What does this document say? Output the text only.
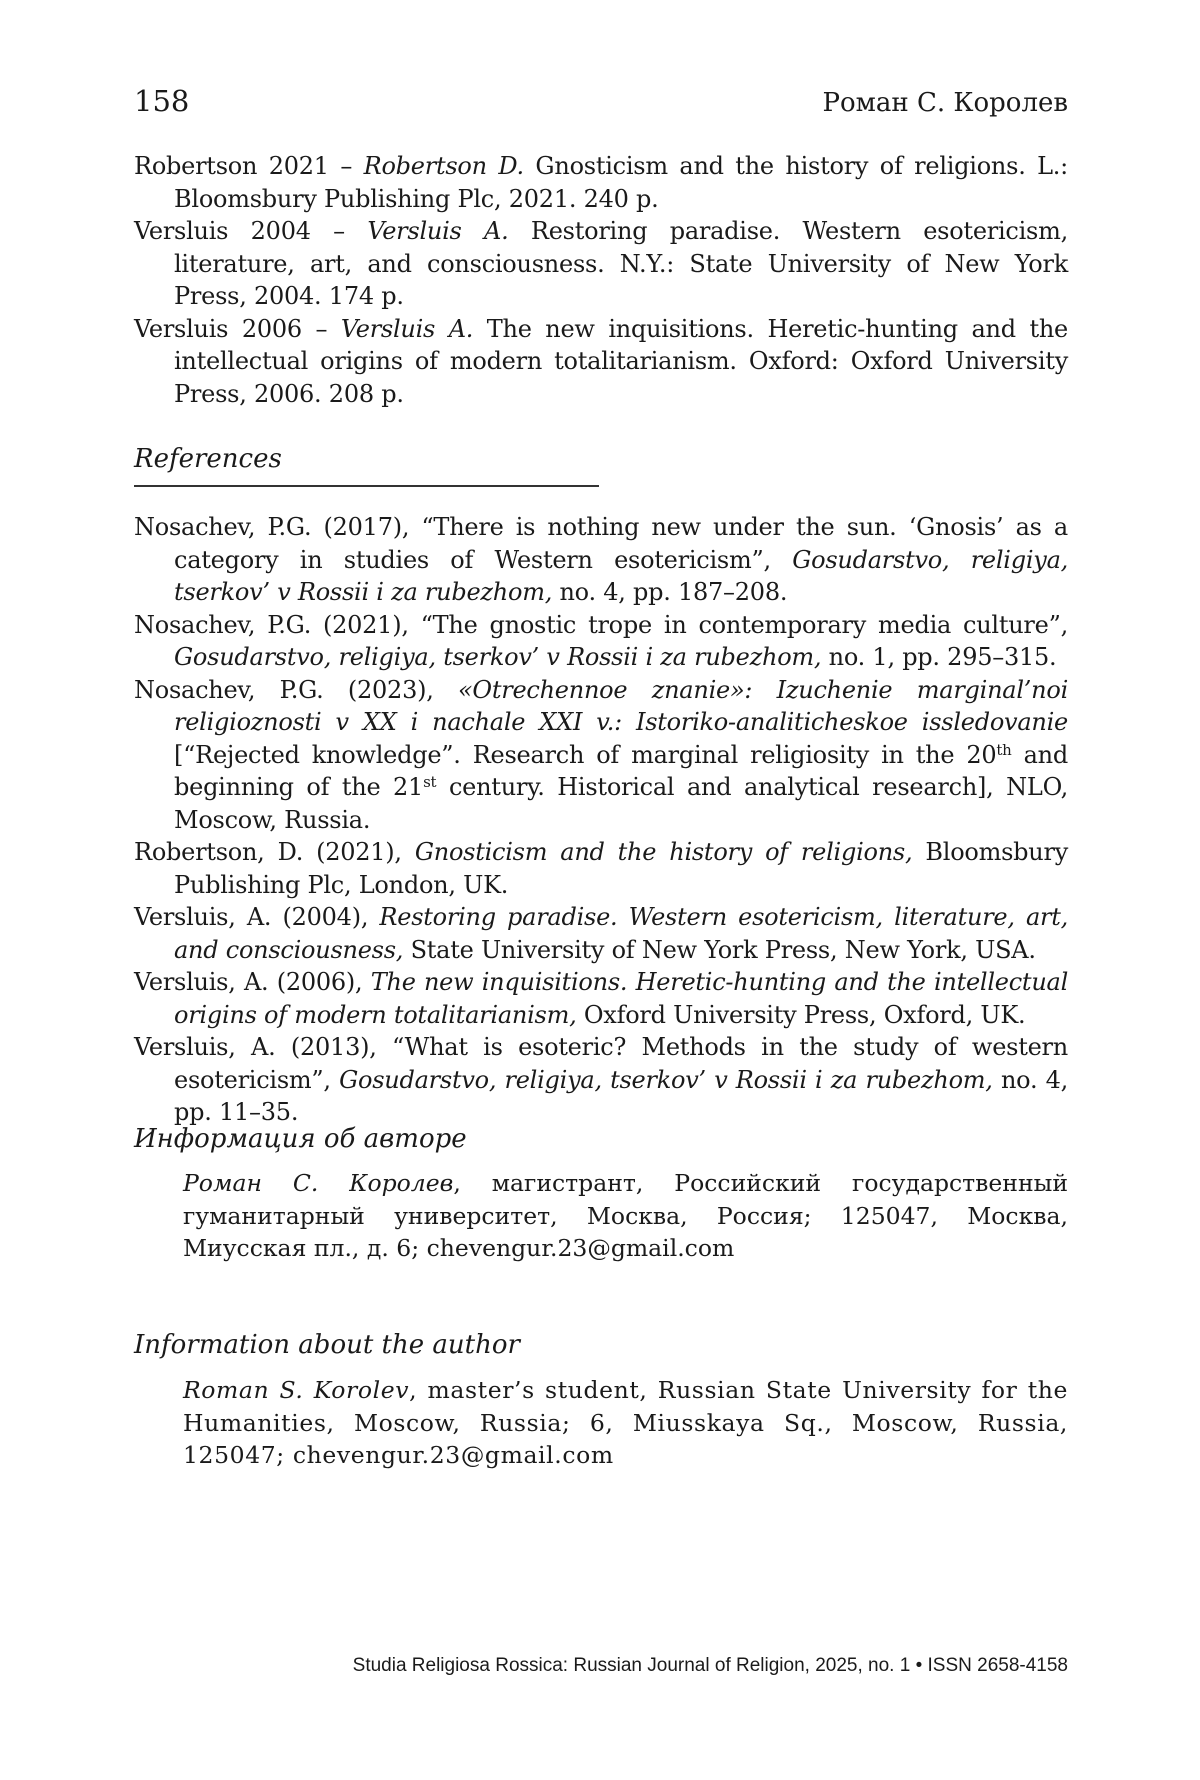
158	Роман С. Королев
Robertson 2021 – Robertson D. Gnosticism and the history of religions. L.: Bloomsbury Publishing Plc, 2021. 240 p.
Versluis 2004 – Versluis A. Restoring paradise. Western esotericism, literature, art, and consciousness. N.Y.: State University of New York Press, 2004. 174 p.
Versluis 2006 – Versluis A. The new inquisitions. Heretic-hunting and the intellectual origins of modern totalitarianism. Oxford: Oxford University Press, 2006. 208 p.
References
Nosachev, P.G. (2017), “There is nothing new under the sun. ‘Gnosis’ as a category in studies of Western esotericism”, Gosudarstvo, religiya, tserkov’ v Rossii i za rubezhom, no. 4, pp. 187–208.
Nosachev, P.G. (2021), “The gnostic trope in contemporary media culture”, Gosudarstvo, religiya, tserkov’ v Rossii i za rubezhom, no. 1, pp. 295–315.
Nosachev, P.G. (2023), «Otrechennoe znanie»: Izuchenie marginal’noi religioznosti v XX i nachale XXI v.: Istoriko-analiticheskoe issledovanie [“Rejected knowledge”. Research of marginal religiosity in the 20th and beginning of the 21st century. Historical and analytical research], NLO, Moscow, Russia.
Robertson, D. (2021), Gnosticism and the history of religions, Bloomsbury Publishing Plc, London, UK.
Versluis, A. (2004), Restoring paradise. Western esotericism, literature, art, and consciousness, State University of New York Press, New York, USA.
Versluis, A. (2006), The new inquisitions. Heretic-hunting and the intellectual origins of modern totalitarianism, Oxford University Press, Oxford, UK.
Versluis, A. (2013), “What is esoteric? Methods in the study of western esotericism”, Gosudarstvo, religiya, tserkov’ v Rossii i za rubezhom, no. 4, pp. 11–35.
Информация об авторе
Роман С. Королев, магистрант, Российский государственный гуманитарный университет, Москва, Россия; 125047, Москва, Миусская пл., д. 6; chevengur.23@gmail.com
Information about the author
Roman S. Korolev, master’s student, Russian State University for the Humanities, Moscow, Russia; 6, Miusskaya Sq., Moscow, Russia, 125047; chevengur.23@gmail.com
Studia Religiosa Rossica: Russian Journal of Religion, 2025, no. 1 • ISSN 2658-4158
